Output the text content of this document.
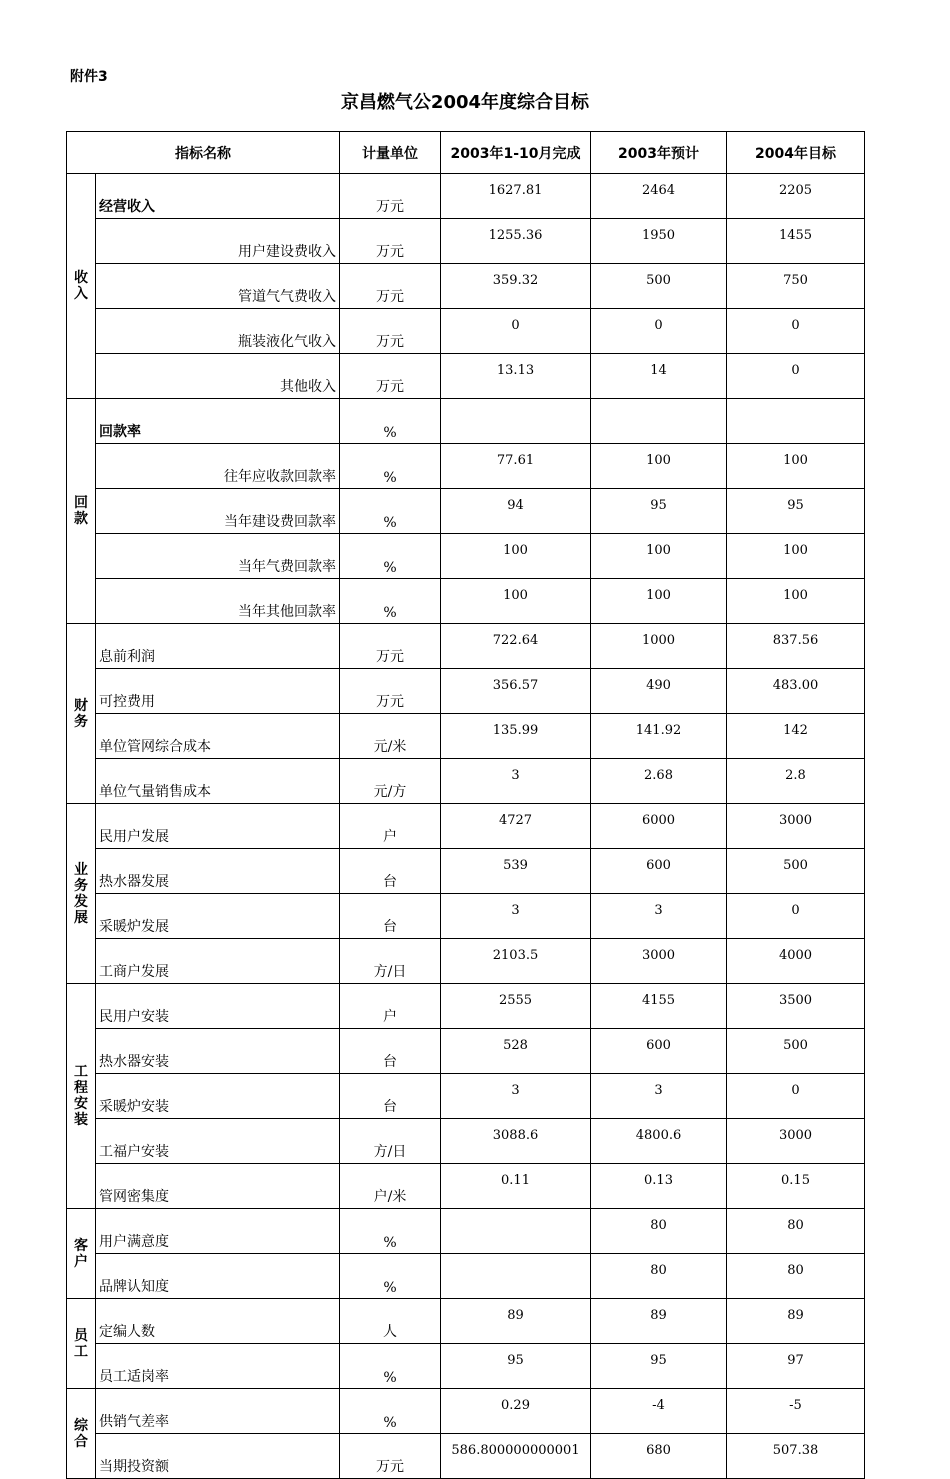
附件3
京昌燃气公2004年度综合目标
指标名称		计量单位	2003年1-10月完成	2003年预计	2004年目标
收入	经营收入	万元	1627.81	2464	2205
	用户建设费收入	万元	1255.36	1950	1455
	管道气气费收入	万元	359.32	500	750
	瓶装液化气收入	万元	0	0	0
	其他收入	万元	13.13	14	0
回款	回款率	%			
	往年应收款回款率	%	77.61	100	100
	当年建设费回款率	%	94	95	95
	当年气费回款率	%	100	100	100
	当年其他回款率	%	100	100	100
财务	息前利润	万元	722.64	1000	837.56
	可控费用	万元	356.57	490	483.00
	单位管网综合成本	元/米	135.99	141.92	142
	单位气量销售成本	元/方	3	2.68	2.8
业务发展	民用户发展	户	4727	6000	3000
	热水器发展	台	539	600	500
	采暖炉发展	台	3	3	0
	工商户发展	方/日	2103.5	3000	4000
工程安装	民用户安装	户	2555	4155	3500
	热水器安装	台	528	600	500
	采暖炉安装	台	3	3	0
	工福户安装	方/日	3088.6	4800.6	3000
	管网密集度	户/米	0.11	0.13	0.15
客户	用户满意度	%		80	80
	品牌认知度	%		80	80
员工	定编人数	人	89	89	89
	员工适岗率	%	95	95	97
综合	供销气差率	%	0.29	-4	-5
	当期投资额	万元	586.800000000001	680	507.38
